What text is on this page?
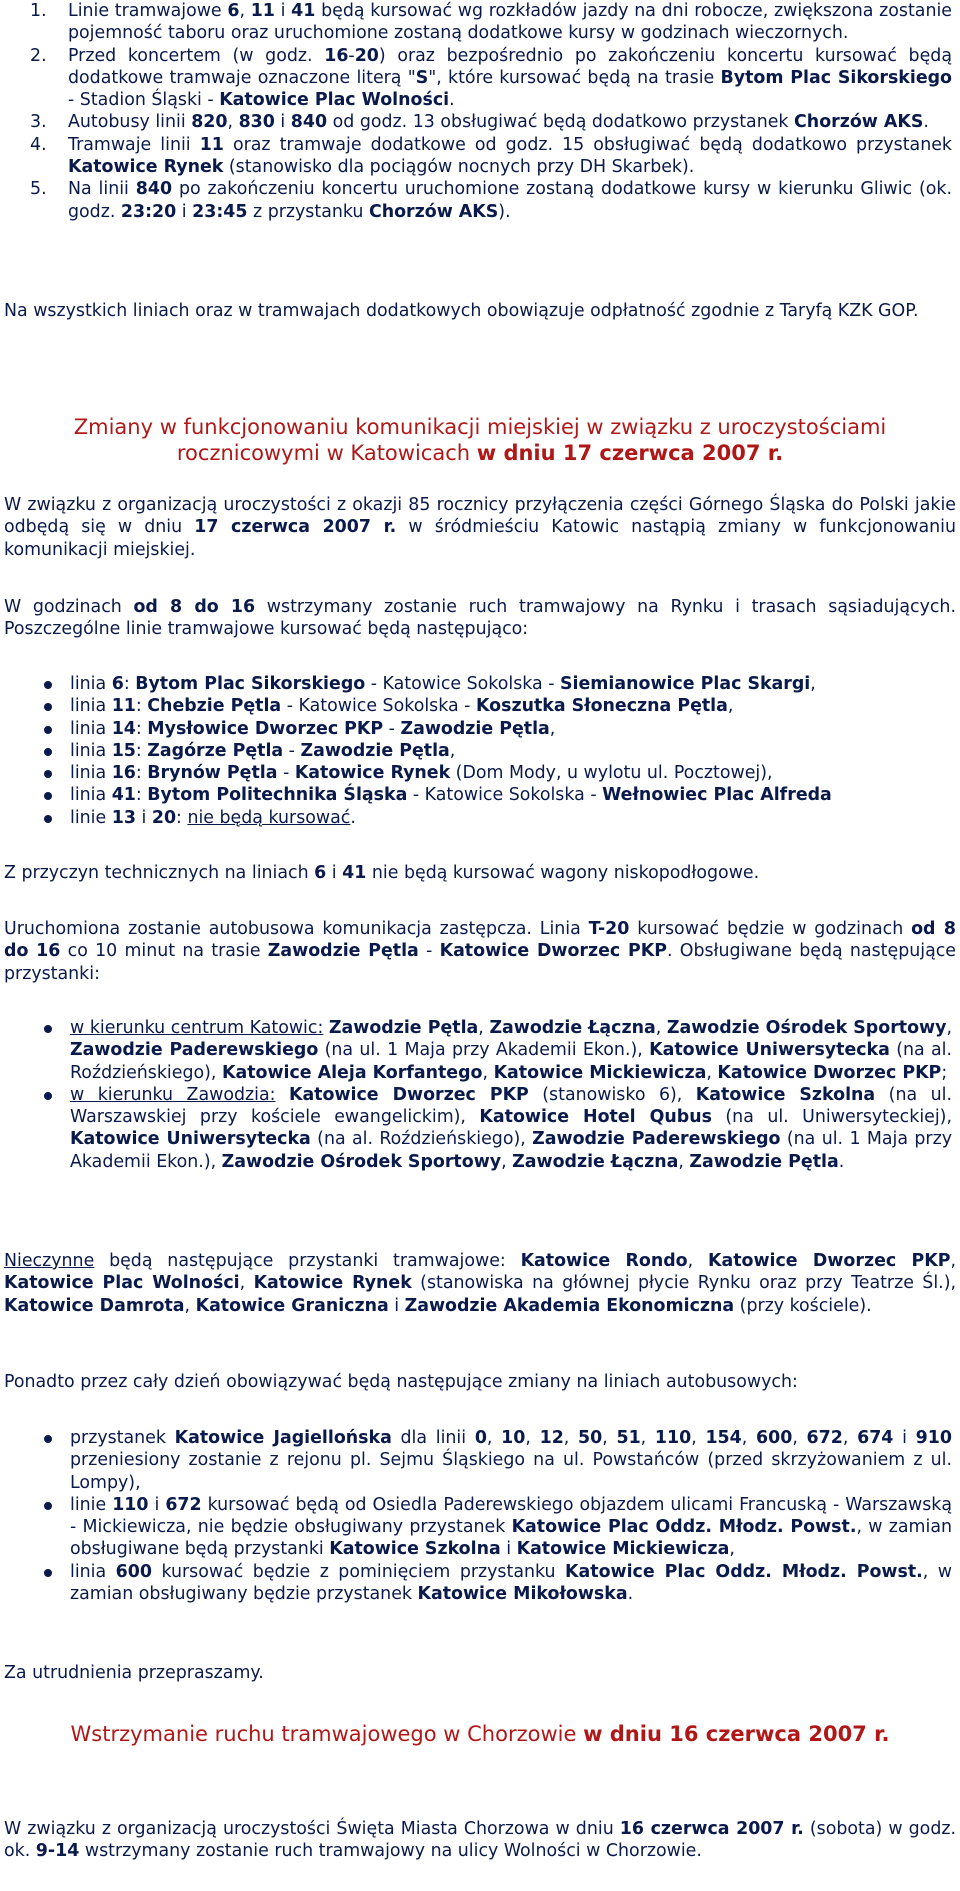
1. Linie tramwajowe 6, 11 i 41 będą kursować wg rozkładów jazdy na dni robocze, zwiększona zostanie pojemność taboru oraz uruchomione zostaną dodatkowe kursy w godzinach wieczornych.
2. Przed koncertem (w godz. 16-20) oraz bezpośrednio po zakończeniu koncertu kursować będą dodatkowe tramwaje oznaczone literą "S", które kursować będą na trasie Bytom Plac Sikorskiego - Stadion Śląski - Katowice Plac Wolności.
3. Autobusy linii 820, 830 i 840 od godz. 13 obsługiwać będą dodatkowo przystanek Chorzów AKS.
4. Tramwaje linii 11 oraz tramwaje dodatkowe od godz. 15 obsługiwać będą dodatkowo przystanek Katowice Rynek (stanowisko dla pociągów nocnych przy DH Skarbek).
5. Na linii 840 po zakończeniu koncertu uruchomione zostaną dodatkowe kursy w kierunku Gliwic (ok. godz. 23:20 i 23:45 z przystanku Chorzów AKS).

Na wszystkich liniach oraz w tramwajach dodatkowych obowiązuje odpłatność zgodnie z Taryfą KZK GOP.

Zmiany w funkcjonowaniu komunikacji miejskiej w związku z uroczystościami rocznicowymi w Katowicach w dniu 17 czerwca 2007 r.

W związku z organizacją uroczystości z okazji 85 rocznicy przyłączenia części Górnego Śląska do Polski jakie odbędą się w dniu 17 czerwca 2007 r. w śródmieściu Katowic nastąpią zmiany w funkcjonowaniu komunikacji miejskiej.

W godzinach od 8 do 16 wstrzymany zostanie ruch tramwajowy na Rynku i trasach sąsiadujących. Poszczególne linie tramwajowe kursować będą następująco:

linia 6: Bytom Plac Sikorskiego - Katowice Sokolska - Siemianowice Plac Skargi,
linia 11: Chebzie Pętla - Katowice Sokolska - Koszutka Słoneczna Pętla,
linia 14: Mysłowice Dworzec PKP - Zawodzie Pętla,
linia 15: Zagórze Pętla - Zawodzie Pętla,
linia 16: Brynów Pętla - Katowice Rynek (Dom Mody, u wylotu ul. Pocztowej),
linia 41: Bytom Politechnika Śląska - Katowice Sokolska - Wełnowiec Plac Alfreda
linie 13 i 20: nie będą kursować.

Z przyczyn technicznych na liniach 6 i 41 nie będą kursować wagony niskopodłogowe.

Uruchomiona zostanie autobusowa komunikacja zastępcza. Linia T-20 kursować będzie w godzinach od 8 do 16 co 10 minut na trasie Zawodzie Pętla - Katowice Dworzec PKP. Obsługiwane będą następujące przystanki:

w kierunku centrum Katowic: Zawodzie Pętla, Zawodzie Łączna, Zawodzie Ośrodek Sportowy, Zawodzie Paderewskiego (na ul. 1 Maja przy Akademii Ekon.), Katowice Uniwersytecka (na al. Roździeńskiego), Katowice Aleja Korfantego, Katowice Mickiewicza, Katowice Dworzec PKP;
w kierunku Zawodzia: Katowice Dworzec PKP (stanowisko 6), Katowice Szkolna (na ul. Warszawskiej przy kościele ewangelickim), Katowice Hotel Qubus (na ul. Uniwersyteckiej), Katowice Uniwersytecka (na al. Roździeńskiego), Zawodzie Paderewskiego (na ul. 1 Maja przy Akademii Ekon.), Zawodzie Ośrodek Sportowy, Zawodzie Łączna, Zawodzie Pętla.

Nieczynne będą następujące przystanki tramwajowe: Katowice Rondo, Katowice Dworzec PKP, Katowice Plac Wolności, Katowice Rynek (stanowiska na głównej płycie Rynku oraz przy Teatrze Śl.), Katowice Damrota, Katowice Graniczna i Zawodzie Akademia Ekonomiczna (przy kościele).

Ponadto przez cały dzień obowiązywać będą następujące zmiany na liniach autobusowych:

przystanek Katowice Jagiellońska dla linii 0, 10, 12, 50, 51, 110, 154, 600, 672, 674 i 910 przeniesiony zostanie z rejonu pl. Sejmu Śląskiego na ul. Powstańców (przed skrzyżowaniem z ul. Lompy),
linie 110 i 672 kursować będą od Osiedla Paderewskiego objazdem ulicami Francuską - Warszawską - Mickiewicza, nie będzie obsługiwany przystanek Katowice Plac Oddz. Młodz. Powst., w zamian obsługiwane będą przystanki Katowice Szkolna i Katowice Mickiewicza,
linia 600 kursować będzie z pominięciem przystanku Katowice Plac Oddz. Młodz. Powst., w zamian obsługiwany będzie przystanek Katowice Mikołowska.

Za utrudnienia przepraszamy.

Wstrzymanie ruchu tramwajowego w Chorzowie w dniu 16 czerwca 2007 r.

W związku z organizacją uroczystości Święta Miasta Chorzowa w dniu 16 czerwca 2007 r. (sobota) w godz. ok. 9-14 wstrzymany zostanie ruch tramwajowy na ulicy Wolności w Chorzowie.
